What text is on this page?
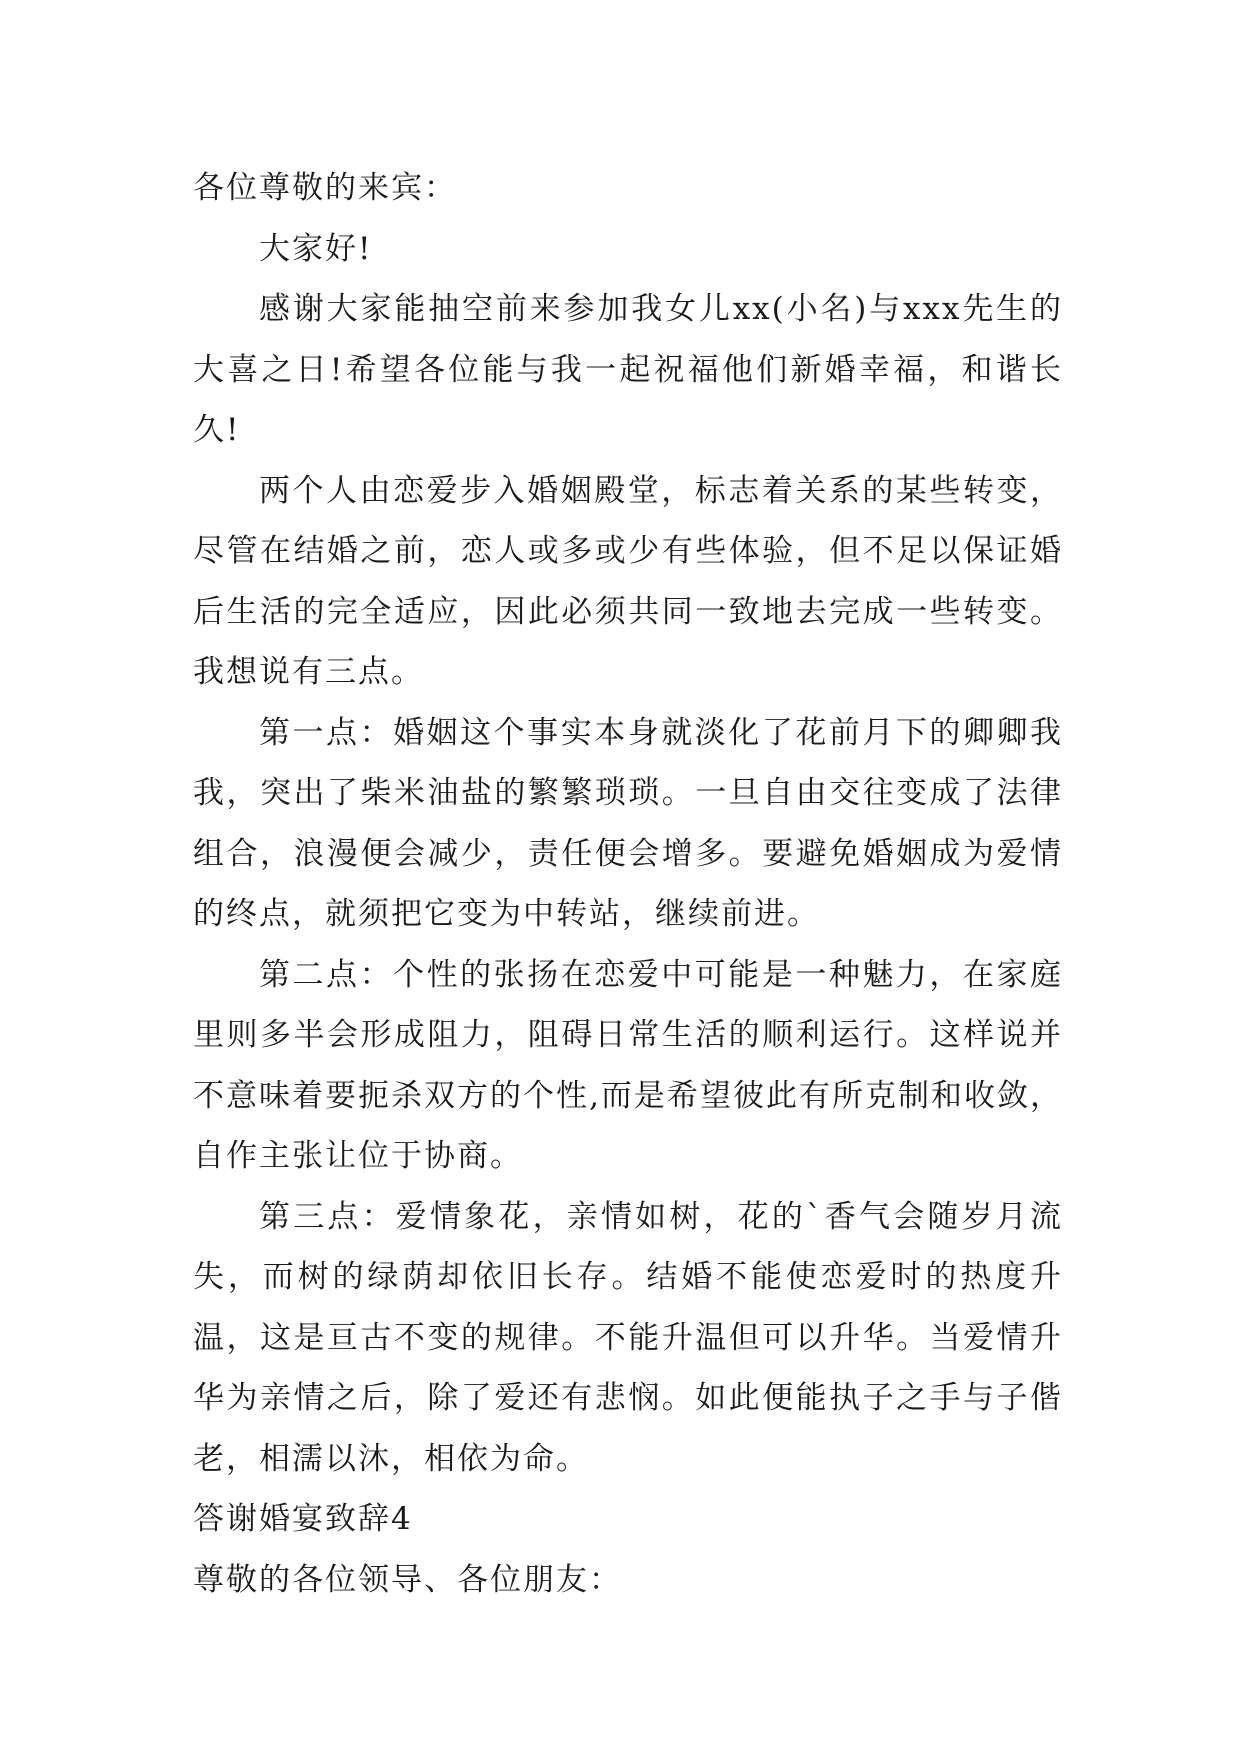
各位尊敬的来宾：

大家好!

感谢大家能抽空前来参加我女儿xx(小名)与xxx先生的大喜之日!希望各位能与我一起祝福他们新婚幸福，和谐长久!

两个人由恋爱步入婚姻殿堂，标志着关系的某些转变，尽管在结婚之前，恋人或多或少有些体验，但不足以保证婚后生活的完全适应，因此必须共同一致地去完成一些转变。我想说有三点。

第一点：婚姻这个事实本身就淡化了花前月下的卿卿我我，突出了柴米油盐的繁繁琐琐。一旦自由交往变成了法律组合，浪漫便会减少，责任便会增多。要避免婚姻成为爱情的终点，就须把它变为中转站，继续前进。

第二点：个性的张扬在恋爱中可能是一种魅力，在家庭里则多半会形成阻力，阻碍日常生活的顺利运行。这样说并不意味着要扼杀双方的个性,而是希望彼此有所克制和收敛，自作主张让位于协商。

第三点：爱情象花，亲情如树，花的`香气会随岁月流失，而树的绿荫却依旧长存。结婚不能使恋爱时的热度升温，这是亘古不变的规律。不能升温但可以升华。当爱情升华为亲情之后，除了爱还有悲悯。如此便能执子之手与子偕老，相濡以沐，相依为命。

答谢婚宴致辞4

尊敬的各位领导、各位朋友：
